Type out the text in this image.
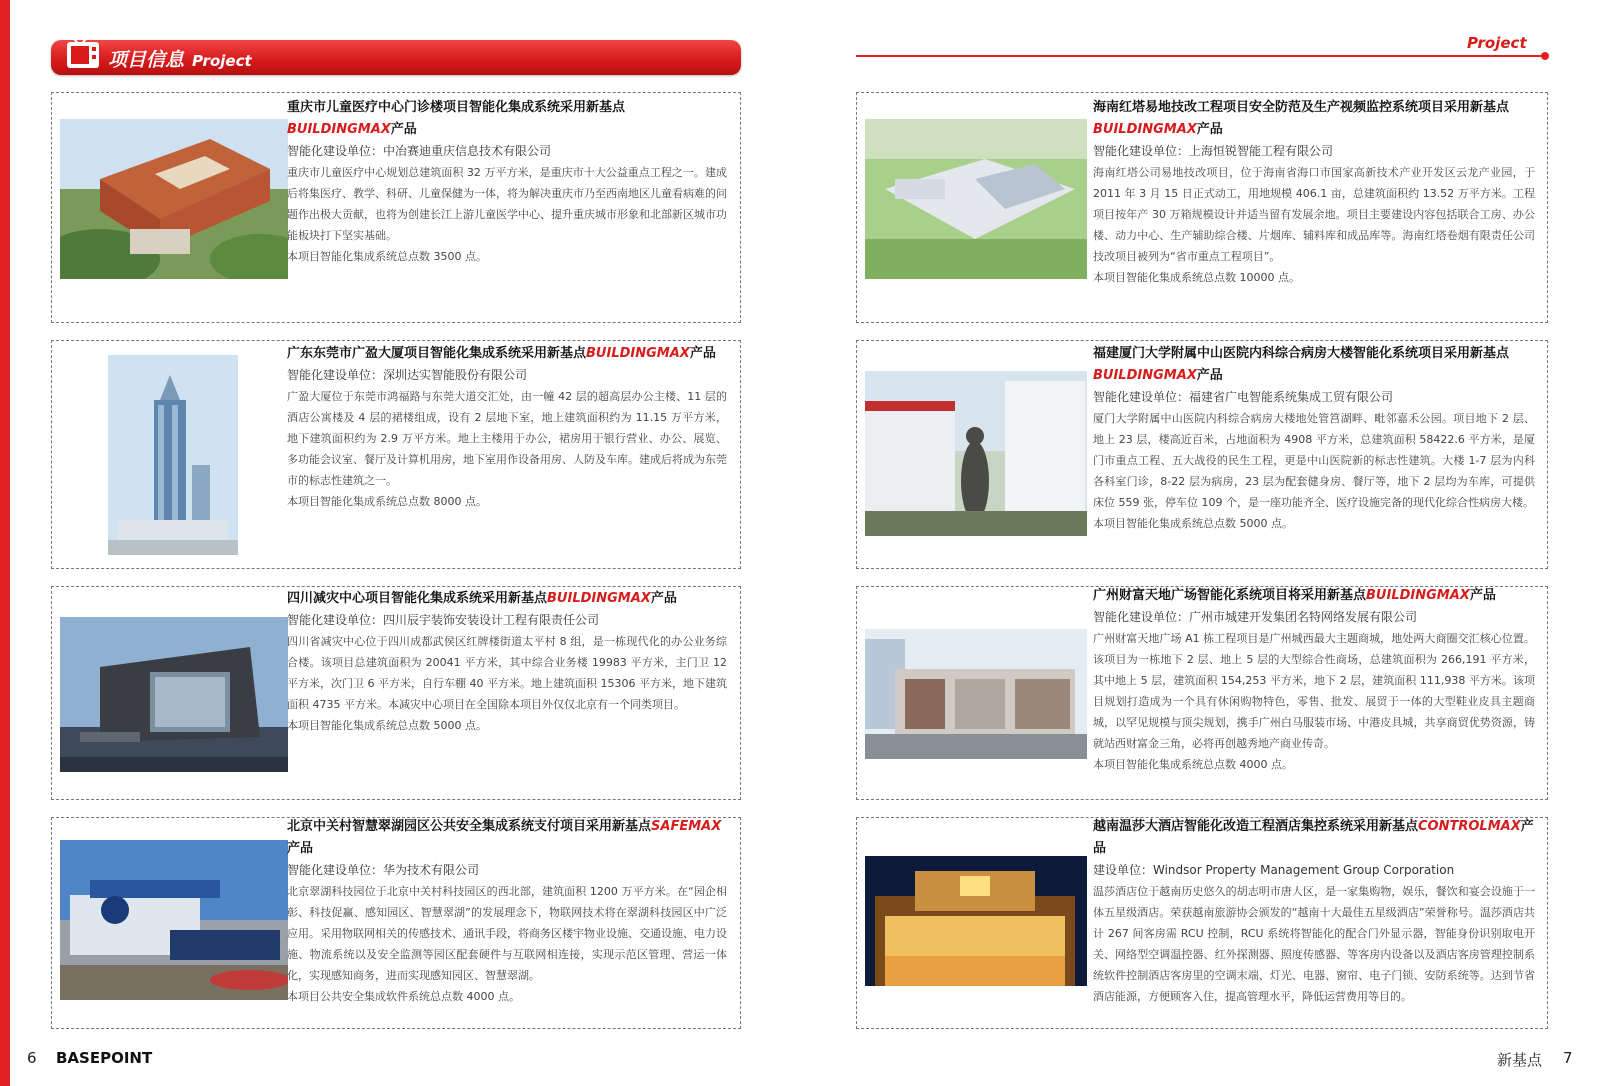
项目信息 Project
Project
重庆市儿童医疗中心门诊楼项目智能化集成系统采用新基点BUILDINGMAX产品
智能化建设单位：中冶赛迪重庆信息技术有限公司

重庆市儿童医疗中心规划总建筑面积 32 万平方米，是重庆市十大公益重点工程之一。建成后将集医疗、教学、科研、儿童保健为一体，将为解决重庆市乃至西南地区儿童看病难的问题作出极大贡献，也将为创建长江上游儿童医学中心、提升重庆城市形象和北部新区城市功能板块打下坚实基础。

本项目智能化集成系统总点数 3500 点。

广东东莞市广盈大厦项目智能化集成系统采用新基点BUILDINGMAX产品
智能化建设单位：深圳达实智能股份有限公司

广盈大厦位于东莞市鸿福路与东莞大道交汇处，由一幢 42 层的超高层办公主楼、11 层的酒店公寓楼及 4 层的裙楼组成，设有 2 层地下室，地上建筑面积约为 11.15 万平方米，地下建筑面积约为 2.9 万平方米。地上主楼用于办公，裙房用于银行营业、办公、展览、多功能会议室、餐厅及计算机用房，地下室用作设备用房、人防及车库。建成后将成为东莞市的标志性建筑之一。

本项目智能化集成系统总点数 8000 点。

四川减灾中心项目智能化集成系统采用新基点BUILDINGMAX产品
智能化建设单位：四川辰宇装饰安装设计工程有限责任公司

四川省减灾中心位于四川成都武侯区红牌楼街道太平村 8 组，是一栋现代化的办公业务综合楼。该项目总建筑面积为 20041 平方米，其中综合业务楼 19983 平方米，主门卫 12 平方米，次门卫 6 平方米，自行车棚 40 平方米。地上建筑面积 15306 平方米，地下建筑面积 4735 平方米。本减灾中心项目在全国除本项目外仅仅北京有一个同类项目。

本项目智能化集成系统总点数 5000 点。

北京中关村智慧翠湖园区公共安全集成系统支付项目采用新基点SAFEMAX产品
智能化建设单位：华为技术有限公司

北京翠湖科技园位于北京中关村科技园区的西北部，建筑面积 1200 万平方米。在“园企相彰、科技促赢、感知园区、智慧翠湖”的发展理念下，物联网技术将在翠湖科技园区中广泛应用。采用物联网相关的传感技术、通讯手段，将商务区楼宇物业设施、交通设施、电力设施、物流系统以及安全监测等园区配套硬件与互联网相连接，实现示范区管理、营运一体化，实现感知商务，进而实现感知园区、智慧翠湖。

本项目公共安全集成软件系统总点数 4000 点。

海南红塔易地技改工程项目安全防范及生产视频监控系统项目采用新基点BUILDINGMAX产品
智能化建设单位：上海恒锐智能工程有限公司

海南红塔公司易地技改项目，位于海南省海口市国家高新技术产业开发区云龙产业园，于 2011 年 3 月 15 日正式动工，用地规模 406.1 亩，总建筑面积约 13.52 万平方米。工程项目按年产 30 万箱规模设计并适当留有发展余地。项目主要建设内容包括联合工房、办公楼、动力中心、生产辅助综合楼、片烟库、辅料库和成品库等。海南红塔卷烟有限责任公司技改项目被列为“省市重点工程项目”。

本项目智能化集成系统总点数 10000 点。

福建厦门大学附属中山医院内科综合病房大楼智能化系统项目采用新基点BUILDINGMAX产品
智能化建设单位：福建省广电智能系统集成工贸有限公司

厦门大学附属中山医院内科综合病房大楼地处管筥湖畔、毗邻嘉禾公园。项目地下 2 层、地上 23 层，楼高近百米，占地面积为 4908 平方米，总建筑面积 58422.6 平方米，是厦门市重点工程、五大战役的民生工程，更是中山医院新的标志性建筑。大楼 1-7 层为内科各科室门诊，8-22 层为病房，23 层为配套健身房、餐厅等，地下 2 层均为车库，可提供床位 559 张，停车位 109 个，是一座功能齐全、医疗设施完备的现代化综合性病房大楼。

本项目智能化集成系统总点数 5000 点。

广州财富天地广场智能化系统项目将采用新基点BUILDINGMAX产品
智能化建设单位：广州市城建开发集团名特网络发展有限公司

广州财富天地广场 A1 栋工程项目是广州城西最大主题商城，地处两大商圈交汇核心位置。该项目为一栋地下 2 层、地上 5 层的大型综合性商场，总建筑面积为 266,191 平方米，其中地上 5 层，建筑面积 154,253 平方米，地下 2 层，建筑面积 111,938 平方米。该项目规划打造成为一个具有休闲购物特色，零售、批发、展贸于一体的大型鞋业皮具主题商城，以罕见规模与顶尖规划，携手广州白马服装市场、中港皮具城，共享商贸优势资源，铸就站西财富金三角，必将再创越秀地产商业传奇。

本项目智能化集成系统总点数 4000 点。

越南温莎大酒店智能化改造工程酒店集控系统采用新基点CONTROLMAX产品
建设单位：Windsor Property Management Group Corporation

温莎酒店位于越南历史悠久的胡志明市唐人区，是一家集购物，娱乐，餐饮和宴会设施于一体五星级酒店。荣获越南旅游协会颁发的“越南十大最佳五星级酒店”荣誉称号。温莎酒店共计 267 间客房需 RCU 控制，RCU 系统将智能化的配合门外显示器，智能身份识别取电开关、网络型空调温控器、红外探测器、照度传感器、等客房内设备以及酒店客房管理控制系统软件控制酒店客房里的空调末端、灯光、电器、窗帘、电子门锁、安防系统等。达到节省酒店能源，方便顾客入住，提高管理水平，降低运营费用等目的。

6 BASEPOINT	新基点 7
